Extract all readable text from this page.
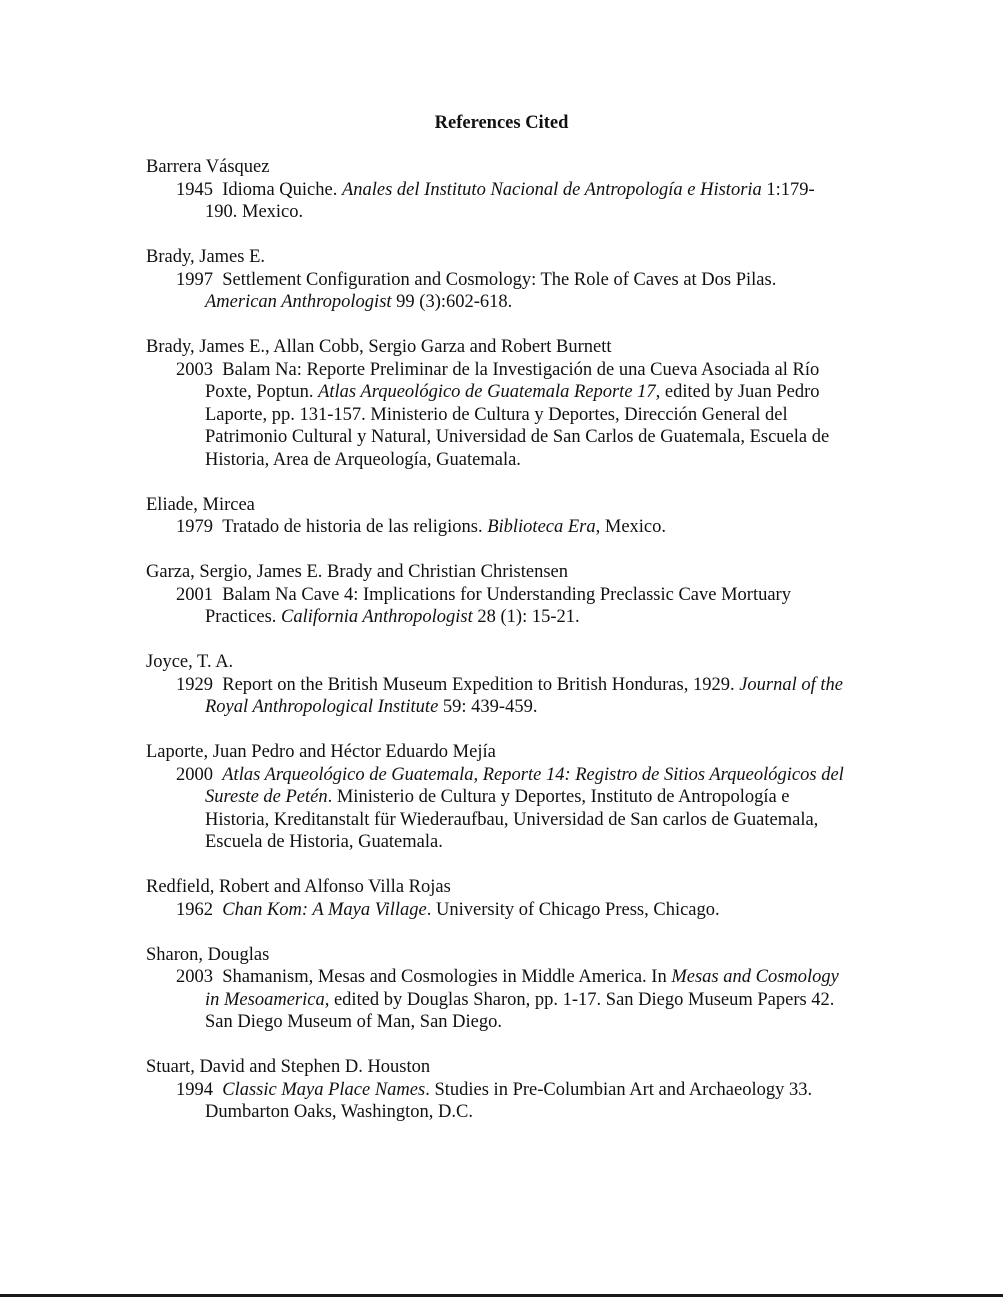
References Cited
Barrera Vásquez
1945 Idioma Quiche. Anales del Instituto Nacional de Antropología e Historia 1:179-190. Mexico.
Brady, James E.
1997 Settlement Configuration and Cosmology: The Role of Caves at Dos Pilas. American Anthropologist 99 (3):602-618.
Brady, James E., Allan Cobb, Sergio Garza and Robert Burnett
2003 Balam Na: Reporte Preliminar de la Investigación de una Cueva Asociada al Río Poxte, Poptun. Atlas Arqueológico de Guatemala Reporte 17, edited by Juan Pedro Laporte, pp. 131-157. Ministerio de Cultura y Deportes, Dirección General del Patrimonio Cultural y Natural, Universidad de San Carlos de Guatemala, Escuela de Historia, Area de Arqueología, Guatemala.
Eliade, Mircea
1979 Tratado de historia de las religions. Biblioteca Era, Mexico.
Garza, Sergio, James E. Brady and Christian Christensen
2001 Balam Na Cave 4: Implications for Understanding Preclassic Cave Mortuary Practices. California Anthropologist 28 (1): 15-21.
Joyce, T. A.
1929 Report on the British Museum Expedition to British Honduras, 1929. Journal of the Royal Anthropological Institute 59: 439-459.
Laporte, Juan Pedro and Héctor Eduardo Mejía
2000 Atlas Arqueológico de Guatemala, Reporte 14: Registro de Sitios Arqueológicos del Sureste de Petén. Ministerio de Cultura y Deportes, Instituto de Antropología e Historia, Kreditanstalt für Wiederaufbau, Universidad de San carlos de Guatemala, Escuela de Historia, Guatemala.
Redfield, Robert and Alfonso Villa Rojas
1962 Chan Kom: A Maya Village. University of Chicago Press, Chicago.
Sharon, Douglas
2003 Shamanism, Mesas and Cosmologies in Middle America. In Mesas and Cosmology in Mesoamerica, edited by Douglas Sharon, pp. 1-17. San Diego Museum Papers 42. San Diego Museum of Man, San Diego.
Stuart, David and Stephen D. Houston
1994 Classic Maya Place Names. Studies in Pre-Columbian Art and Archaeology 33. Dumbarton Oaks, Washington, D.C.
